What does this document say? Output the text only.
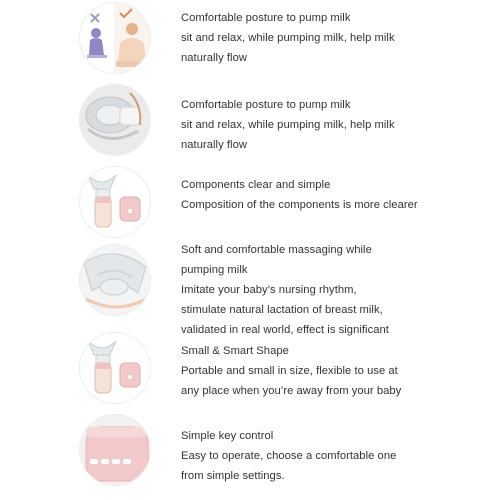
Comfortable posture to pump milk
sit and relax, while pumping milk, help milk
naturally flow
Comfortable posture to pump milk
sit and relax, while pumping milk, help milk
naturally flow
Components clear and simple
Composition of the components is more clearer
Soft and comfortable massaging while
pumping milk
Imitate your baby’s nursing rhythm,
stimulate natural lactation of breast milk,
validated in real world, effect is significant
Small & Smart Shape
Portable and small in size, flexible to use at
any place when you’re away from your baby
Simple key control
Easy to operate, choose a comfortable one
from simple settings.
